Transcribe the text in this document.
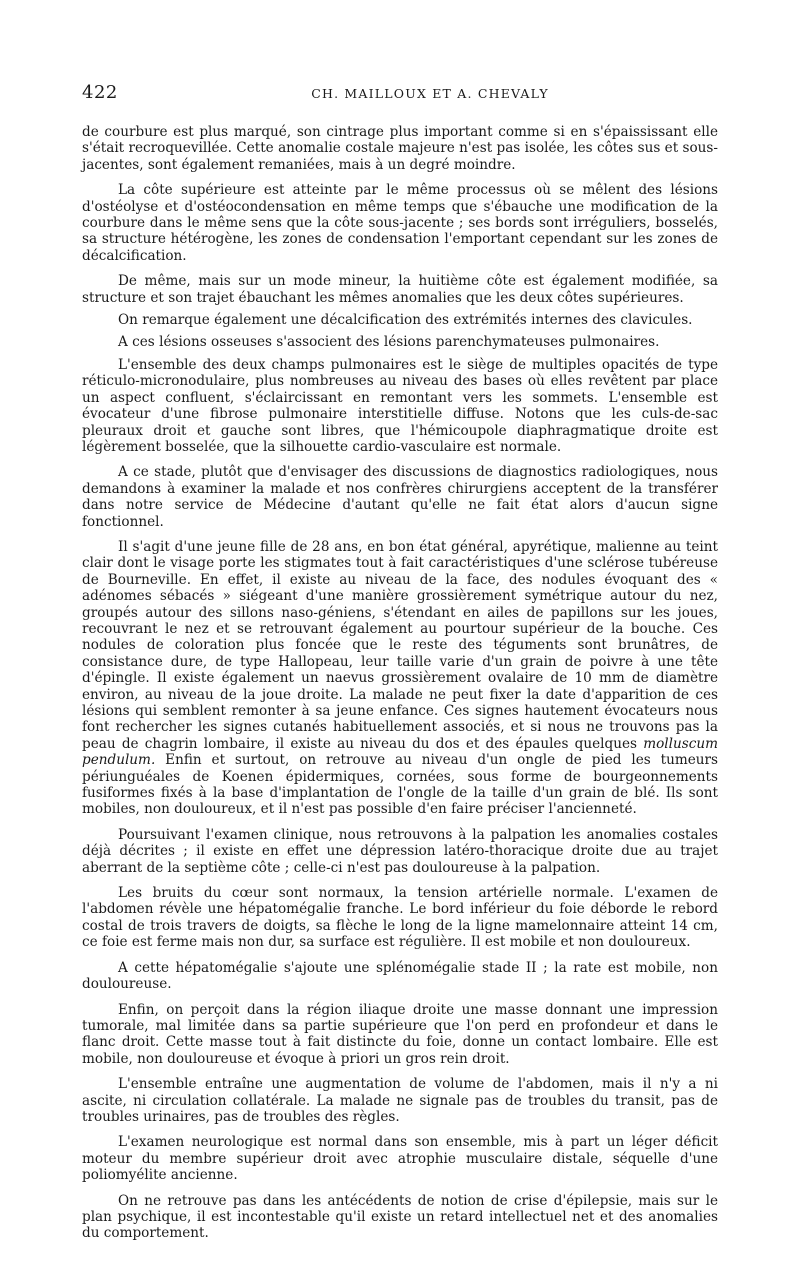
422	CH. MAILLOUX ET A. CHEVALY

de courbure est plus marqué, son cintrage plus important comme si en s'épaississant elle s'était recroquevillée. Cette anomalie costale majeure n'est pas isolée, les côtes sus et sous-jacentes, sont également remaniées, mais à un degré moindre.

La côte supérieure est atteinte par le même processus où se mêlent des lésions d'ostéolyse et d'ostéocondensation en même temps que s'ébauche une modification de la courbure dans le même sens que la côte sous-jacente ; ses bords sont irréguliers, bosselés, sa structure hétérogène, les zones de condensation l'emportant cependant sur les zones de décalcification.

De même, mais sur un mode mineur, la huitième côte est également modifiée, sa structure et son trajet ébauchant les mêmes anomalies que les deux côtes supérieures.

On remarque également une décalcification des extrémités internes des clavicules.

A ces lésions osseuses s'associent des lésions parenchymateuses pulmonaires.

L'ensemble des deux champs pulmonaires est le siège de multiples opacités de type réticulo-micronodulaire, plus nombreuses au niveau des bases où elles revêtent par place un aspect confluent, s'éclaircissant en remontant vers les sommets. L'ensemble est évocateur d'une fibrose pulmonaire interstitielle diffuse. Notons que les culs-de-sac pleuraux droit et gauche sont libres, que l'hémicoupole diaphragmatique droite est légèrement bosselée, que la silhouette cardio-vasculaire est normale.

A ce stade, plutôt que d'envisager des discussions de diagnostics radiologiques, nous demandons à examiner la malade et nos confrères chirurgiens acceptent de la transférer dans notre service de Médecine d'autant qu'elle ne fait état alors d'aucun signe fonctionnel.

Il s'agit d'une jeune fille de 28 ans, en bon état général, apyrétique, malienne au teint clair dont le visage porte les stigmates tout à fait caractéristiques d'une sclérose tubéreuse de Bourneville. En effet, il existe au niveau de la face, des nodules évoquant des « adénomes sébacés » siégeant d'une manière grossièrement symétrique autour du nez, groupés autour des sillons naso-géniens, s'étendant en ailes de papillons sur les joues, recouvrant le nez et se retrouvant également au pourtour supérieur de la bouche. Ces nodules de coloration plus foncée que le reste des téguments sont brunâtres, de consistance dure, de type Hallopeau, leur taille varie d'un grain de poivre à une tête d'épingle. Il existe également un naevus grossièrement ovalaire de 10 mm de diamètre environ, au niveau de la joue droite. La malade ne peut fixer la date d'apparition de ces lésions qui semblent remonter à sa jeune enfance. Ces signes hautement évocateurs nous font rechercher les signes cutanés habituellement associés, et si nous ne trouvons pas la peau de chagrin lombaire, il existe au niveau du dos et des épaules quelques molluscum pendulum. Enfin et surtout, on retrouve au niveau d'un ongle de pied les tumeurs périunguéales de Koenen épidermiques, cornées, sous forme de bourgeonnements fusiformes fixés à la base d'implantation de l'ongle de la taille d'un grain de blé. Ils sont mobiles, non douloureux, et il n'est pas possible d'en faire préciser l'ancienneté.

Poursuivant l'examen clinique, nous retrouvons à la palpation les anomalies costales déjà décrites ; il existe en effet une dépression latéro-thoracique droite due au trajet aberrant de la septième côte ; celle-ci n'est pas douloureuse à la palpation.

Les bruits du cœur sont normaux, la tension artérielle normale. L'examen de l'abdomen révèle une hépatomégalie franche. Le bord inférieur du foie déborde le rebord costal de trois travers de doigts, sa flèche le long de la ligne mamelonnaire atteint 14 cm, ce foie est ferme mais non dur, sa surface est régulière. Il est mobile et non douloureux.

A cette hépatomégalie s'ajoute une splénomégalie stade II ; la rate est mobile, non douloureuse.

Enfin, on perçoit dans la région iliaque droite une masse donnant une impression tumorale, mal limitée dans sa partie supérieure que l'on perd en profondeur et dans le flanc droit. Cette masse tout à fait distincte du foie, donne un contact lombaire. Elle est mobile, non douloureuse et évoque à priori un gros rein droit.

L'ensemble entraîne une augmentation de volume de l'abdomen, mais il n'y a ni ascite, ni circulation collatérale. La malade ne signale pas de troubles du transit, pas de troubles urinaires, pas de troubles des règles.

L'examen neurologique est normal dans son ensemble, mis à part un léger déficit moteur du membre supérieur droit avec atrophie musculaire distale, séquelle d'une poliomyélite ancienne.

On ne retrouve pas dans les antécédents de notion de crise d'épilepsie, mais sur le plan psychique, il est incontestable qu'il existe un retard intellectuel net et des anomalies du comportement.
